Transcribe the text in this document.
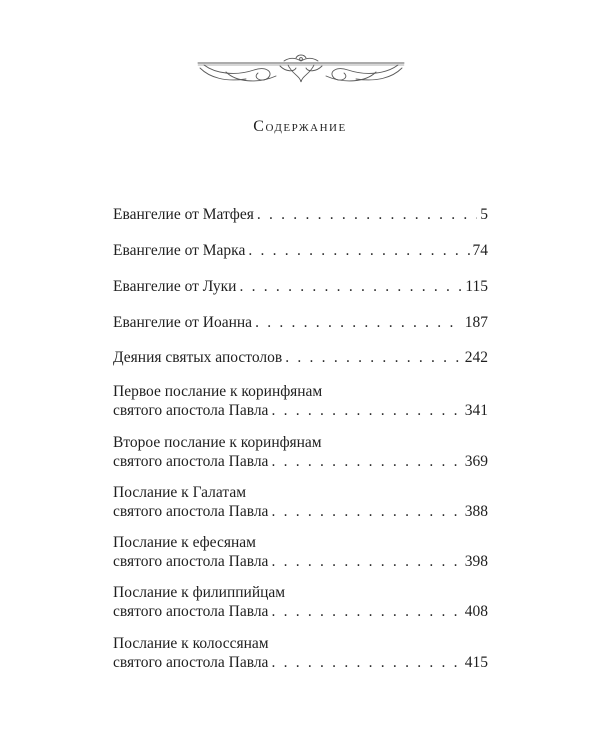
Содержание
Евангелие от Матфея . . .	5
Евангелие от Марка . . .	74
Евангелие от Луки . . .	115
Евангелие от Иоанна . . .	187
Деяния святых апостолов . . .	242
Первое послание к коринфянам
святого апостола Павла . . .	341
Второе послание к коринфянам
святого апостола Павла . . .	369
Послание к Галатам
святого апостола Павла . . .	388
Послание к ефесянам
святого апостола Павла . . .	398
Послание к филиппийцам
святого апостола Павла . . .	408
Послание к колоссянам
святого апостола Павла . . .	415
